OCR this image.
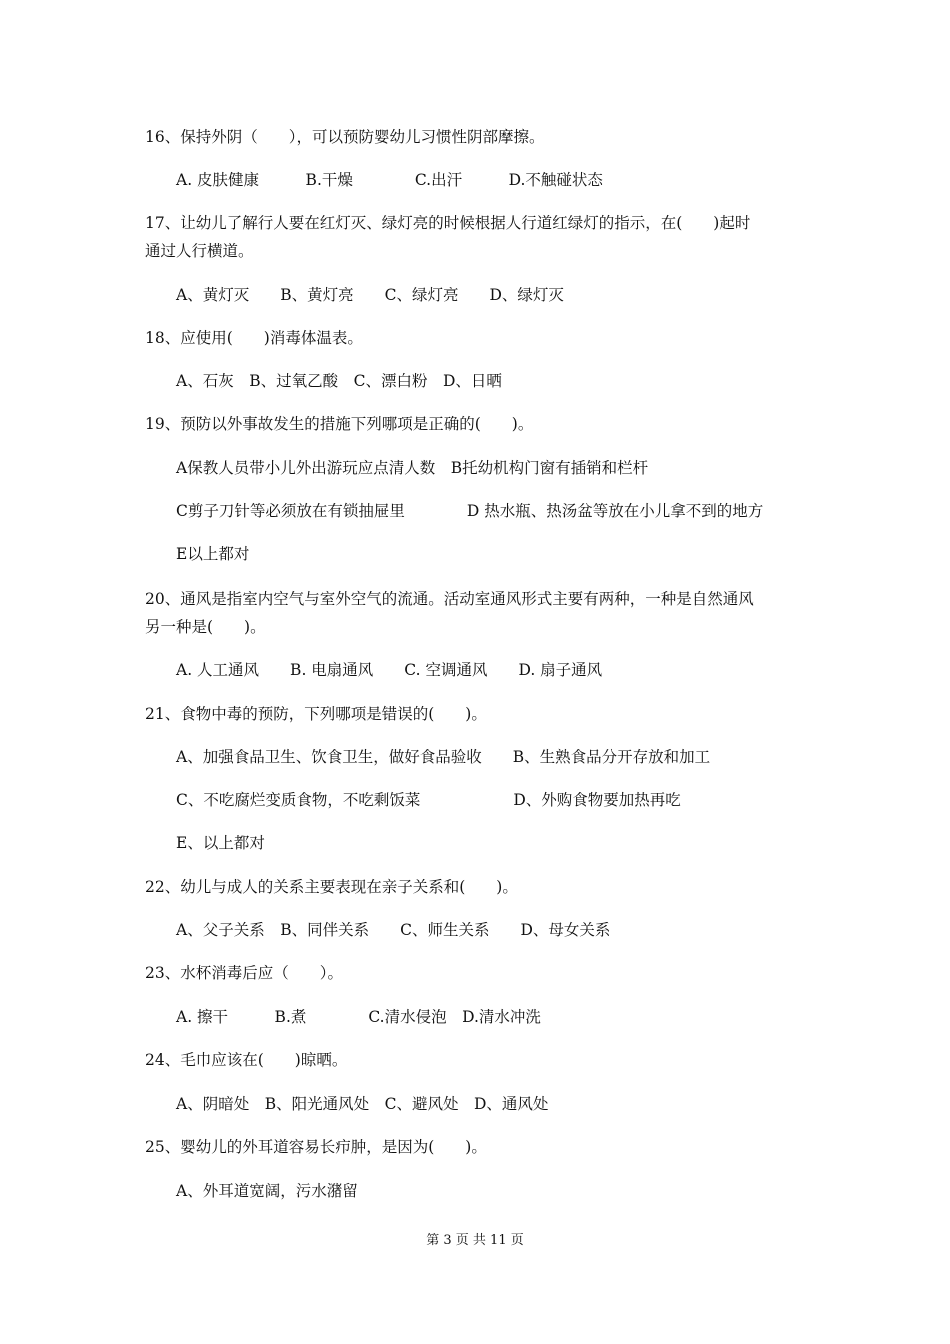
16、保持外阴（　　），可以预防婴幼儿习惯性阴部摩擦。
A. 皮肤健康　　　B.干燥　　　　C.出汗　　　D.不触碰状态
17、让幼儿了解行人要在红灯灭、绿灯亮的时候根据人行道红绿灯的指示，在(　　)起时
通过人行横道。
A、黄灯灭　　B、黄灯亮　　C、绿灯亮　　D、绿灯灭
18、应使用(　　)消毒体温表。
A、石灰　B、过氧乙酸　C、漂白粉　D、日晒
19、预防以外事故发生的措施下列哪项是正确的(　　)。
A保教人员带小儿外出游玩应点清人数　B托幼机构门窗有插销和栏杆
C剪子刀针等必须放在有锁抽屉里　　　　D 热水瓶、热汤盆等放在小儿拿不到的地方
E以上都对
20、通风是指室内空气与室外空气的流通。活动室通风形式主要有两种，一种是自然通风
另一种是(　　)。
A. 人工通风　　B. 电扇通风　　C. 空调通风　　D. 扇子通风
21、食物中毒的预防，下列哪项是错误的(　　)。
A、加强食品卫生、饮食卫生，做好食品验收　　B、生熟食品分开存放和加工
C、不吃腐烂变质食物，不吃剩饭菜　　　　　　D、外购食物要加热再吃
E、以上都对
22、幼儿与成人的关系主要表现在亲子关系和(　　)。
A、父子关系　B、同伴关系　　C、师生关系　　D、母女关系
23、水杯消毒后应（　　）。
A. 擦干　　　B.煮　　　　C.清水侵泡　D.清水冲洗
24、毛巾应该在(　　)晾晒。
A、阴暗处　B、阳光通风处　C、避风处　D、通风处
25、婴幼儿的外耳道容易长疖肿，是因为(　　)。
A、外耳道宽阔，污水潴留
第 3 页 共 11 页
